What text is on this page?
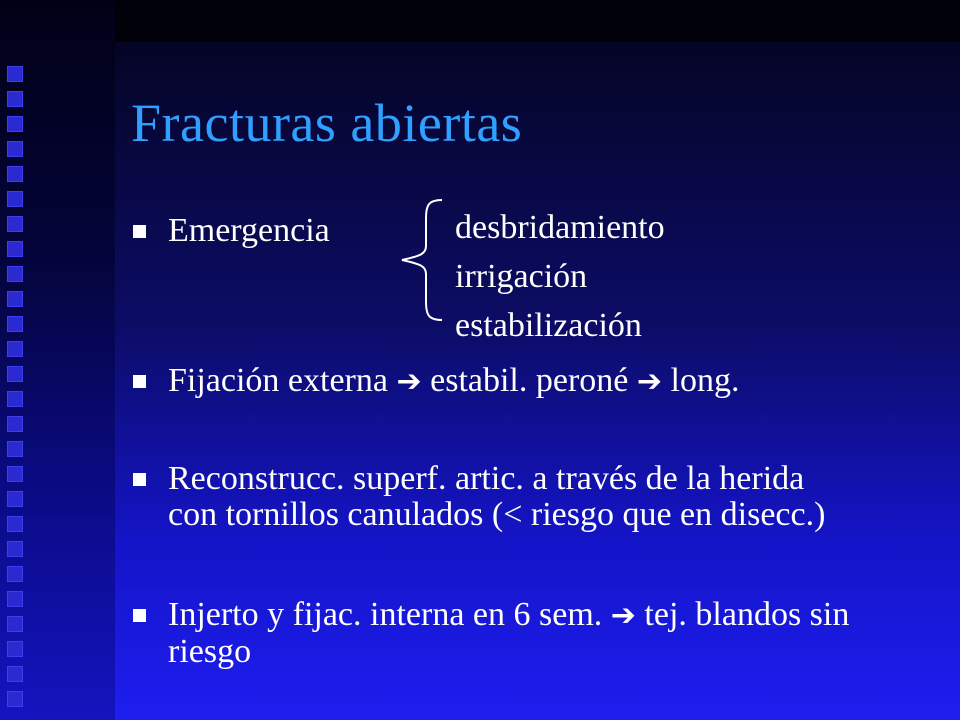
Fracturas abiertas
Emergencia	desbridamiento
irrigación
estabilización
Fijación externa ➔ estabil. peroné ➔ long.
Reconstrucc. superf. artic. a través de la herida
con tornillos canulados (< riesgo que en disecc.)
Injerto y fijac. interna en 6 sem. ➔ tej. blandos sin
riesgo
